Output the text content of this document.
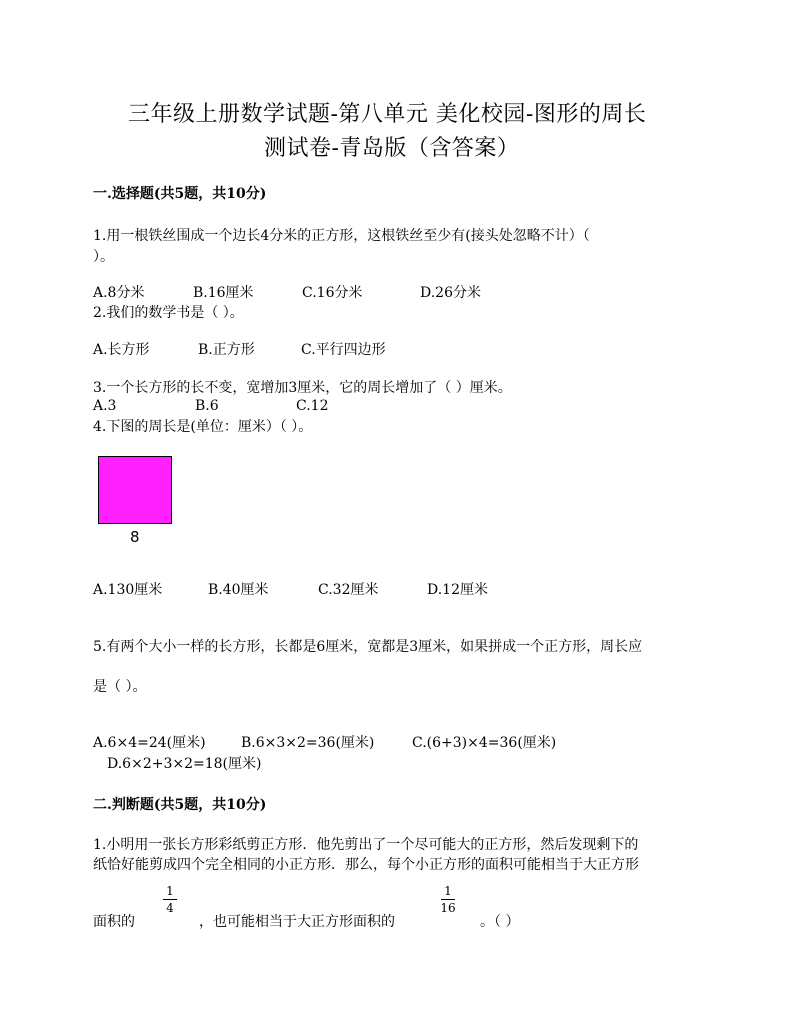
三年级上册数学试题-第八单元 美化校园-图形的周长
测试卷-青岛版（含答案）
一.选择题(共5题，共10分)
1.用一根铁丝围成一个边长4分米的正方形，这根铁丝至少有(接头处忽略不计）（
）。
A.8分米	B.16厘米	C.16分米	D.26分米
2.我们的数学书是（ ）。
A.长方形	B.正方形	C.平行四边形
3.一个长方形的长不变，宽增加3厘米，它的周长增加了（ ）厘米。
A.3	B.6	C.12
4.下图的周长是(单位：厘米）（ ）。
8
A.130厘米	B.40厘米	C.32厘米	D.12厘米
5.有两个大小一样的长方形，长都是6厘米，宽都是3厘米，如果拼成一个正方形，周长应
是（ ）。
A.6×4=24(厘米)	B.6×3×2=36(厘米)	C.(6+3)×4=36(厘米)
D.6×2+3×2=18(厘米)
二.判断题(共5题，共10分)
1.小明用一张长方形彩纸剪正方形．他先剪出了一个尽可能大的正方形，然后发现剩下的
纸恰好能剪成四个完全相同的小正方形．那么，每个小正方形的面积可能相当于大正方形
面积的
1
4
，也可能相当于大正方形面积的
1
16
。（ ）
